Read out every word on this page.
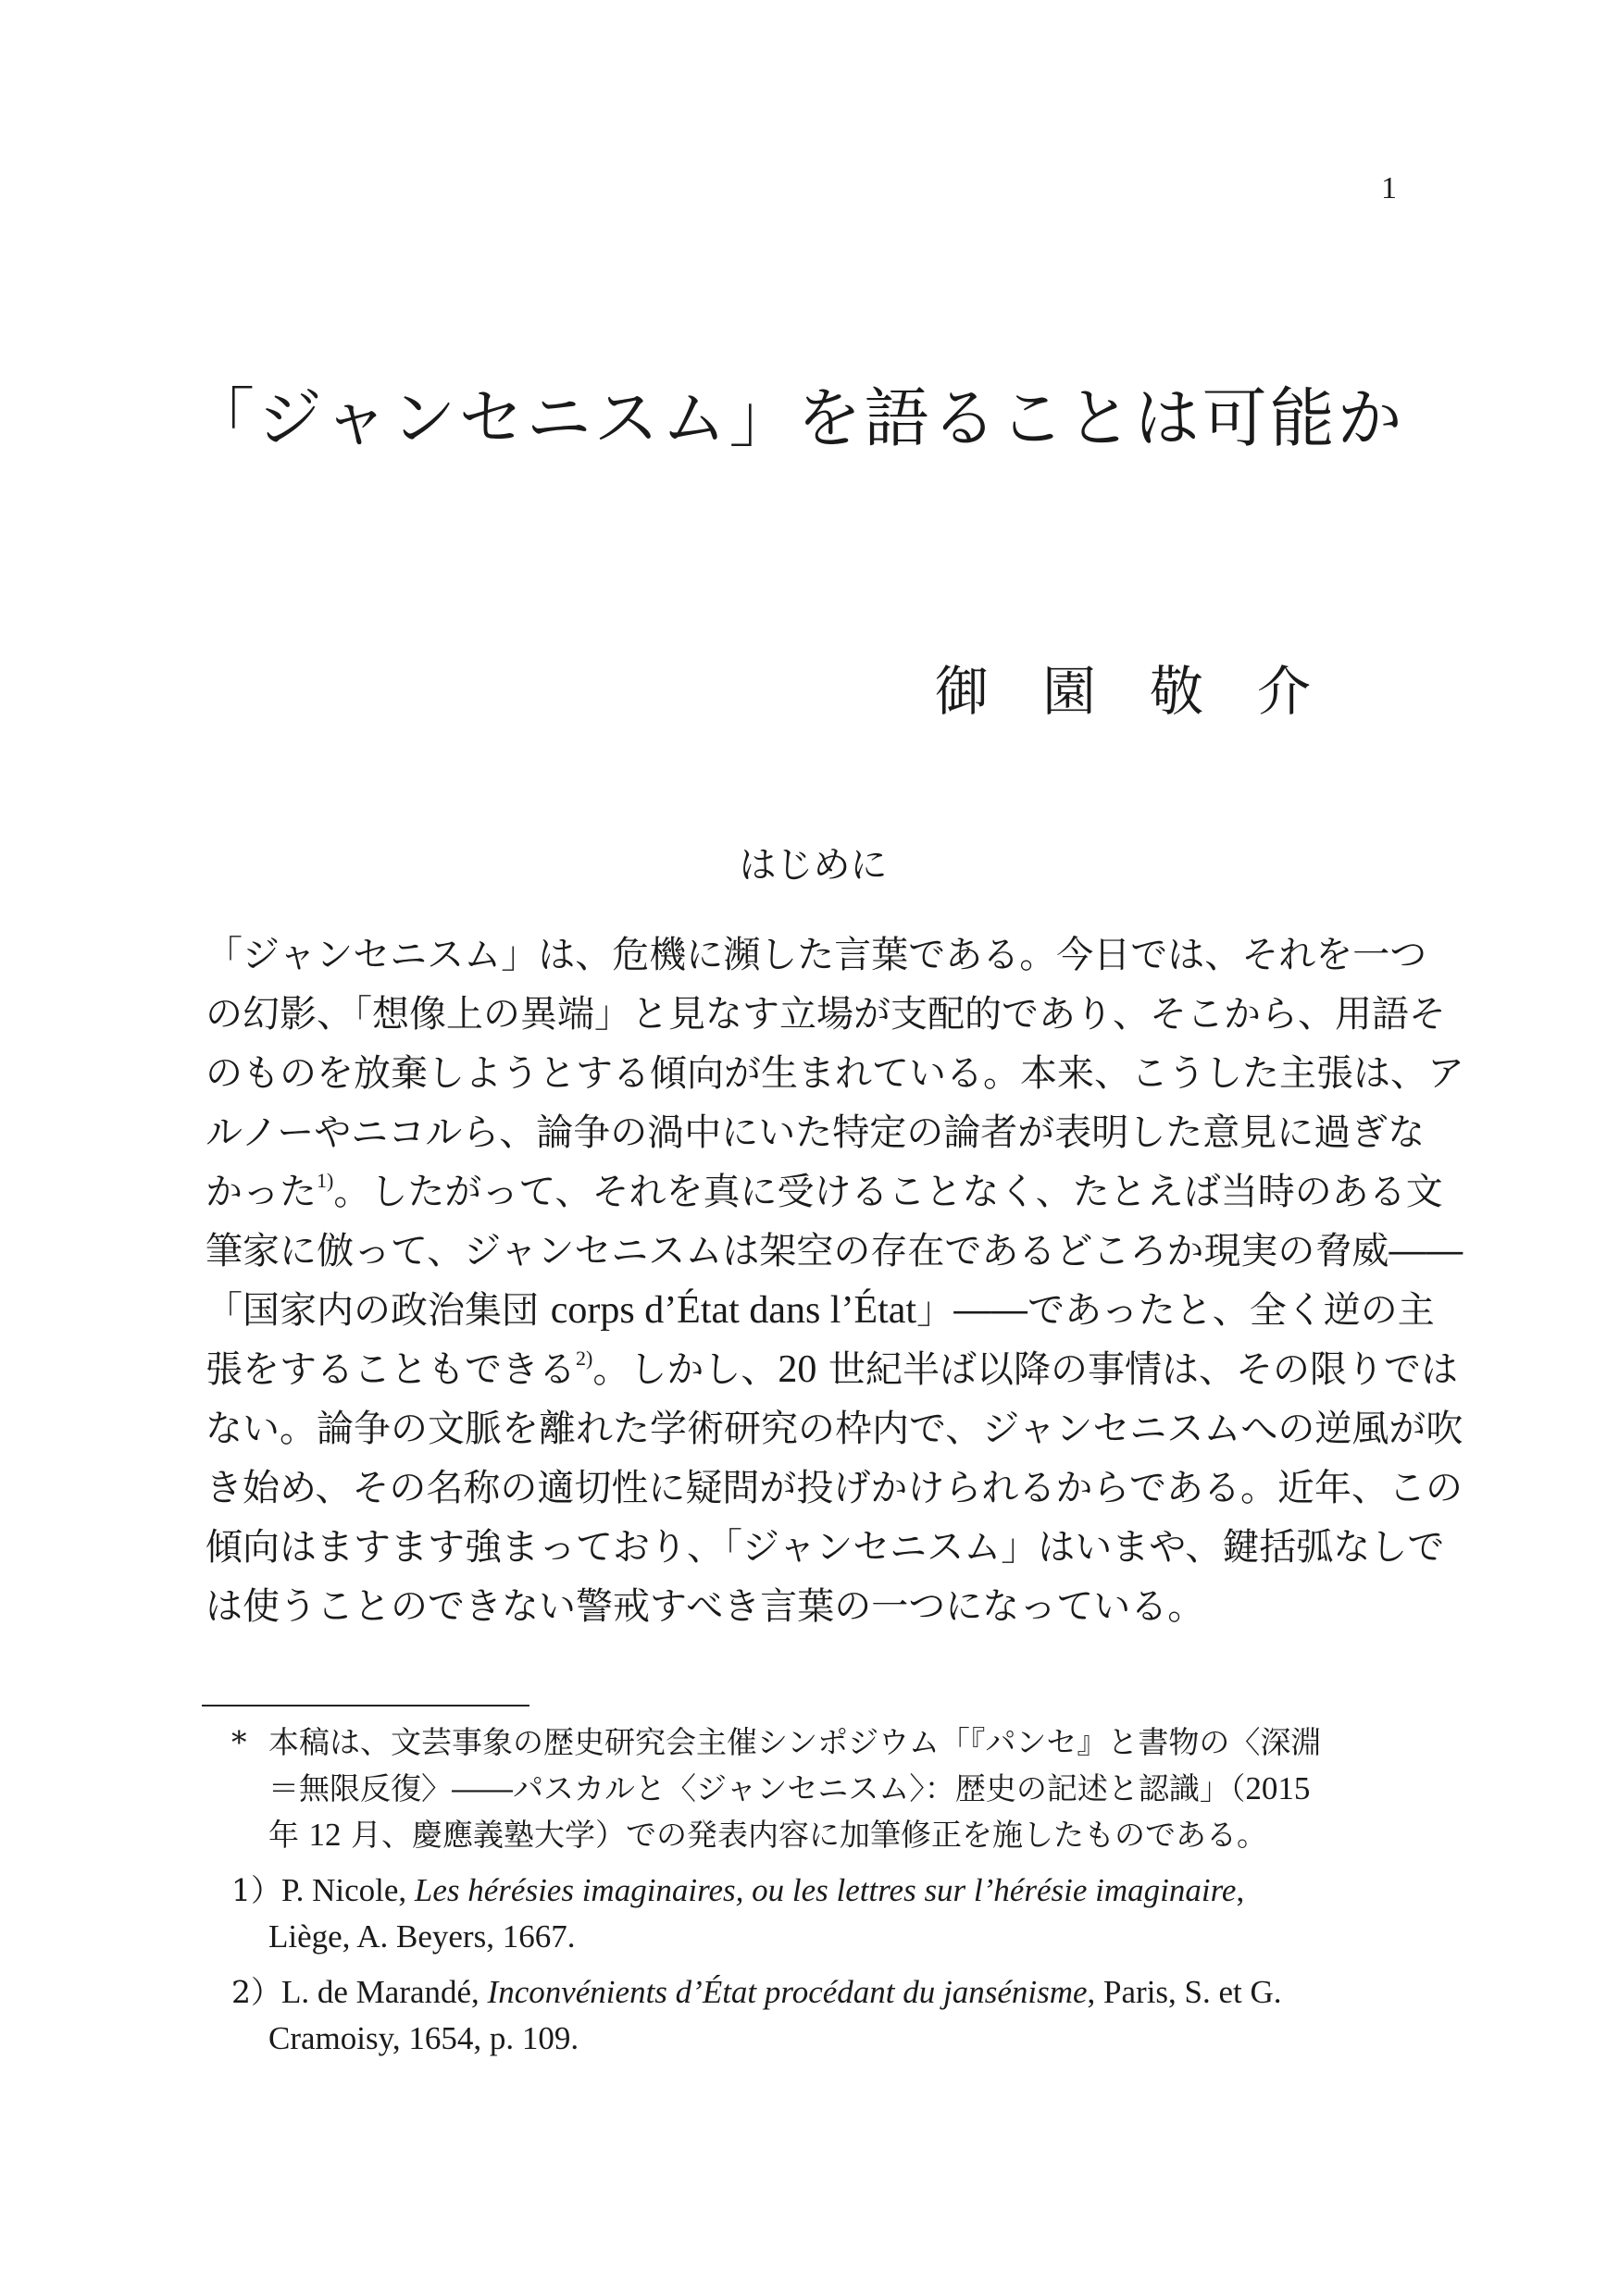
1
「ジャンセニスム」を語ることは可能か
御園敬介
はじめに
「ジャンセニスム」は、危機に瀕した言葉である。今日では、それを一つ
の幻影、「想像上の異端」と見なす立場が支配的であり、そこから、用語そ
のものを放棄しようとする傾向が生まれている。本来、こうした主張は、ア
ルノーやニコルら、論争の渦中にいた特定の論者が表明した意見に過ぎな
かった$^{1)}$。したがって、それを真に受けることなく、たとえば当時のある文
筆家に倣って、ジャンセニスムは架空の存在であるどころか現実の脅威――
「国家内の政治集団 corps d’État dans l’État」――であったと、全く逆の主
張をすることもできる$^{2)}$。しかし、20 世紀半ば以降の事情は、その限りでは
ない。論争の文脈を離れた学術研究の枠内で、ジャンセニスムへの逆風が吹
き始め、その名称の適切性に疑問が投げかけられるからである。近年、この
傾向はますます強まっており、「ジャンセニスム」はいまや、鍵括弧なしで
は使うことのできない警戒すべき言葉の一つになっている。
* 本稿は、文芸事象の歴史研究会主催シンポジウム「『パンセ』と書物の〈深淵
＝無限反復〉――パスカルと〈ジャンセニスム〉：歴史の記述と認識」（2015
年 12 月、慶應義塾大学）での発表内容に加筆修正を施したものである。
1）P. Nicole, Les hérésies imaginaires, ou les lettres sur l’hérésie imaginaire,
Liège, A. Beyers, 1667.
2）L. de Marandé, Inconvénients d’État procédant du jansénisme, Paris, S. et G.
Cramoisy, 1654, p. 109.
